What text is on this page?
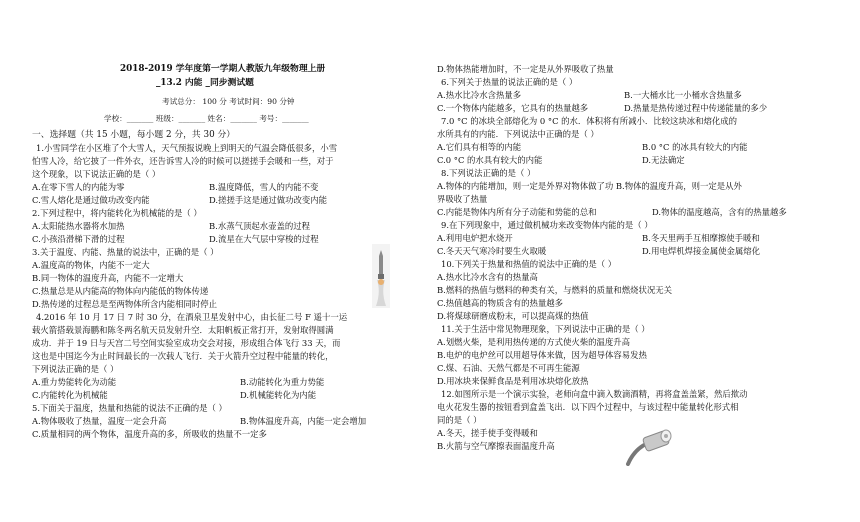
2018-2019 学年度第一学期人教版九年级物理上册
_13.2 内能 _同步测试题
考试总分： 100 分 考试时间：90 分钟
学校：_______ 班级：_______ 姓名：_______ 考号：_______
一、选择题（共 15 小题，每小题 2 分，共 30 分）
1.小雪同学在小区堆了个大雪人，天气预报说晚上到明天的气温会降低很多，小雪
怕雪人冷，给它披了一件外衣，还告诉雪人冷的时候可以搓搓手会暖和一些，对于
这个现象，以下说法正确的是（ ）
A.在零下雪人的内能为零	B.温度降低，雪人的内能不变
C.雪人熔化是通过做功改变内能	D.搓搓手这是通过做功改变内能
2.下列过程中，将内能转化为机械能的是（ ）
A.太阳能热水器将水加热	B.水蒸气顶起水壶盖的过程
C.小孩沿滑梯下滑的过程	D.流星在大气层中穿梭的过程
3.关于温度、内能、热量的说法中，正确的是（ ）
A.温度高的物体，内能不一定大
B.同一物体的温度升高，内能不一定增大
C.热量总是从内能高的物体向内能低的物体传递
D.热传递的过程总是至两物体所含内能相同时停止
4.2016 年 10 月 17 日 7 时 30 分，在酒泉卫星发射中心，由长征二号 F 遥十一运
载火箭搭载景海鹏和陈冬两名航天员发射升空．太阳帆板正常打开，发射取得圆满
成功．并于 19 日与天宫二号空间实验室成功交会对接，形成组合体飞行 33 天，而
这也是中国迄今为止时间最长的一次载人飞行．关于火箭升空过程中能量的转化，
下列说法正确的是（ ）
A.重力势能转化为动能	B.动能转化为重力势能
C.内能转化为机械能	D.机械能转化为内能
5.下面关于温度，热量和热能的说法不正确的是（ ）
A.物体吸收了热量，温度一定会升高	B.物体温度升高，内能一定会增加
C.质量相同的两个物体，温度升高的多，所吸收的热量不一定多
D.物体热能增加时，不一定是从外界吸收了热量
6.下列关于热量的说法正确的是（ ）
A.热水比冷水含热量多	B.一大桶水比一小桶水含热量多
C.一个物体内能越多，它具有的热量越多	D.热量是热传递过程中传递能量的多少
7.0 °C 的冰块全部熔化为 0 °C 的水．体积将有所减小．比较这块冰和熔化成的
水所具有的内能．下列说法中正确的是（ ）
A.它们具有相等的内能	B.0 °C 的冰具有较大的内能
C.0 °C 的水具有较大的内能	D.无法确定
8.下列说法正确的是（ ）
A.物体的内能增加，则一定是外界对物体做了功 B.物体的温度升高，则一定是从外
界吸收了热量
C.内能是物体内所有分子动能和势能的总和	D.物体的温度越高，含有的热量越多
9.在下列现象中，通过做机械功来改变物体内能的是（ ）
A.利用电炉把水烧开	B.冬天里两手互相摩擦使手暖和
C.冬天天气寒冷时要生火取暖	D.用电焊机焊接金属使金属熔化
10.下列关于热量和热值的说法中正确的是（ ）
A.热水比冷水含有的热量高
B.燃料的热值与燃料的种类有关，与燃料的质量和燃烧状况无关
C.热值越高的物质含有的热量越多
D.将煤球研磨成粉末，可以提高煤的热值
11.关于生活中常见物理现象，下列说法中正确的是（ ）
A.划燃火柴，是利用热传递的方式使火柴的温度升高
B.电炉的电炉丝可以用超导体来做，因为超导体容易发热
C.煤、石油、天然气都是不可再生能源
D.用冰块来保鲜食品是利用冰块熔化放热
12.如图所示是一个演示实验，老师向盒中滴入数滴酒精，再将盒盖盖紧，然后揿动
电火花发生器的按钮看到盒盖飞出．以下四个过程中，与该过程中能量转化形式相
同的是（ ）
A.冬天，搓手使手变得暖和
B.火箭与空气摩擦表面温度升高
